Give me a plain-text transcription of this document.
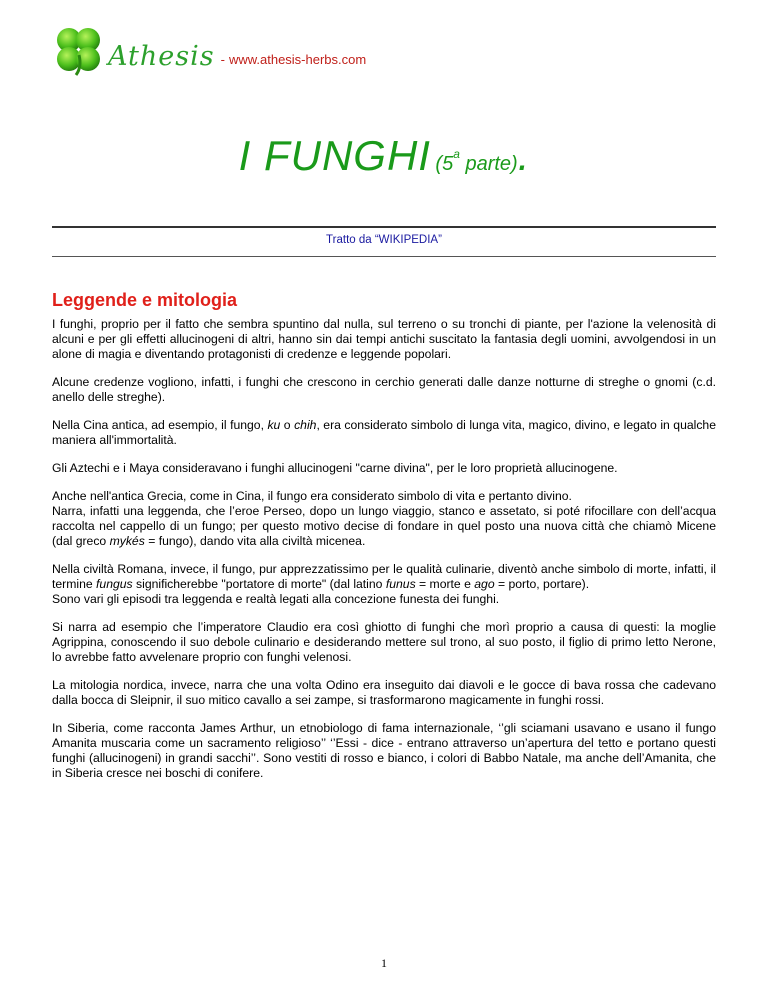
Athesis - www.athesis-herbs.com
I FUNGHI (5$^a$ parte).
Tratto da “WIKIPEDIA”
Leggende e mitologia

I funghi, proprio per il fatto che sembra spuntino dal nulla, sul terreno o su tronchi di piante, per l'azione la velenosità di alcuni e per gli effetti allucinogeni di altri, hanno sin dai tempi antichi suscitato la fantasia degli uomini, avvolgendosi in un alone di magia e diventando protagonisti di credenze e leggende popolari.

Alcune credenze vogliono, infatti, i funghi che crescono in cerchio generati dalle danze notturne di streghe o gnomi (c.d. anello delle streghe).

Nella Cina antica, ad esempio, il fungo, ku o chih, era considerato simbolo di lunga vita, magico, divino, e legato in qualche maniera all'immortalità.

Gli Aztechi e i Maya consideravano i funghi allucinogeni "carne divina", per le loro proprietà allucinogene.

Anche nell'antica Grecia, come in Cina, il fungo era considerato simbolo di vita e pertanto divino.
Narra, infatti una leggenda, che l’eroe Perseo, dopo un lungo viaggio, stanco e assetato, si poté rifocillare con dell’acqua raccolta nel cappello di un fungo; per questo motivo decise di fondare in quel posto una nuova città che chiamò Micene (dal greco mykés = fungo), dando vita alla civiltà micenea.

Nella civiltà Romana, invece, il fungo, pur apprezzatissimo per le qualità culinarie, diventò anche simbolo di morte, infatti, il termine fungus significherebbe "portatore di morte" (dal latino funus = morte e ago = porto, portare).
Sono vari gli episodi tra leggenda e realtà legati alla concezione funesta dei funghi.

Si narra ad esempio che l’imperatore Claudio era così ghiotto di funghi che morì proprio a causa di questi: la moglie Agrippina, conoscendo il suo debole culinario e desiderando mettere sul trono, al suo posto, il figlio di primo letto Nerone, lo avrebbe fatto avvelenare proprio con funghi velenosi.

La mitologia nordica, invece, narra che una volta Odino era inseguito dai diavoli e le gocce di bava rossa che cadevano dalla bocca di Sleipnir, il suo mitico cavallo a sei zampe, si trasformarono magicamente in funghi rossi.

In Siberia, come racconta James Arthur, un etnobiologo di fama internazionale, ‘’gli sciamani usavano e usano il fungo Amanita muscaria come un sacramento religioso’’ ‘’Essi - dice - entrano attraverso un’apertura del tetto e portano questi funghi (allucinogeni) in grandi sacchi’’. Sono vestiti di rosso e bianco, i colori di Babbo Natale, ma anche dell’Amanita, che in Siberia cresce nei boschi di conifere.

1
